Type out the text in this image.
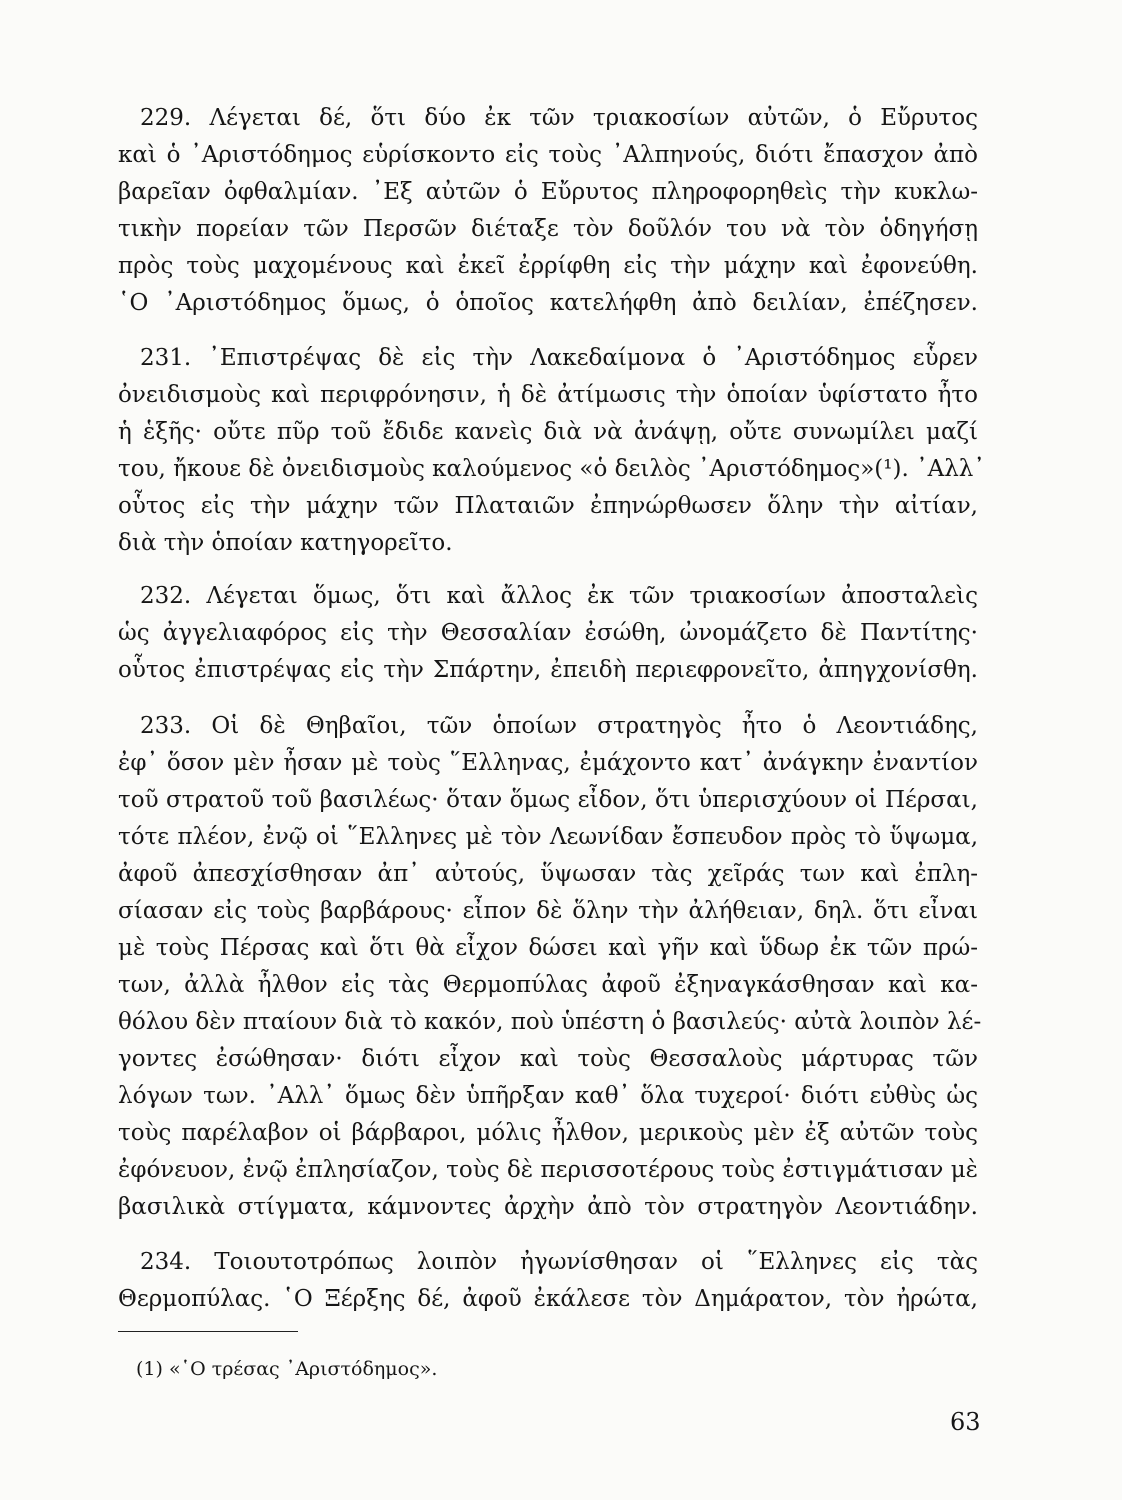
229. Λέγεται δέ, ὅτι δύο ἐκ τῶν τριακοσίων αὐτῶν, ὁ Εὔρυτος
καὶ ὁ ᾿Αριστόδημος εὑρίσκοντο εἰς τοὺς ᾿Αλπηνούς, διότι ἔπασχον ἀπὸ
βαρεῖαν ὀφθαλμίαν. ᾿Εξ αὐτῶν ὁ Εὔρυτος πληροφορηθεὶς τὴν κυκλω-
τικὴν πορείαν τῶν Περσῶν διέταξε τὸν δοῦλόν του νὰ τὸν ὁδηγήσῃ
πρὸς τοὺς μαχομένους καὶ ἐκεῖ ἐρρίφθη εἰς τὴν μάχην καὶ ἐφονεύθη.
῾Ο ᾿Αριστόδημος ὅμως, ὁ ὁποῖος κατελήφθη ἀπὸ δειλίαν, ἐπέζησεν.
231. ᾿Επιστρέψας δὲ εἰς τὴν Λακεδαίμονα ὁ ᾿Αριστόδημος εὗρεν
ὀνειδισμοὺς καὶ περιφρόνησιν, ἡ δὲ ἀτίμωσις τὴν ὁποίαν ὑφίστατο ἦτο
ἡ ἑξῆς· οὔτε πῦρ τοῦ ἔδιδε κανεὶς διὰ νὰ ἀνάψῃ, οὔτε συνωμίλει μαζί
του, ἤκουε δὲ ὀνειδισμοὺς καλούμενος «ὁ δειλὸς ᾿Αριστόδημος»(¹). ᾿Αλλ᾿
οὗτος εἰς τὴν μάχην τῶν Πλαταιῶν ἐπηνώρθωσεν ὅλην τὴν αἰτίαν,
διὰ τὴν ὁποίαν κατηγορεῖτο.
232. Λέγεται ὅμως, ὅτι καὶ ἄλλος ἐκ τῶν τριακοσίων ἀποσταλεὶς
ὡς ἀγγελιαφόρος εἰς τὴν Θεσσαλίαν ἐσώθη, ὠνομάζετο δὲ Παντίτης·
οὗτος ἐπιστρέψας εἰς τὴν Σπάρτην, ἐπειδὴ περιεφρονεῖτο, ἀπηγχονίσθη.
233. Οἱ δὲ Θηβαῖοι, τῶν ὁποίων στρατηγὸς ἦτο ὁ Λεοντιάδης,
ἐφ᾿ ὅσον μὲν ἦσαν μὲ τοὺς ῞Ελληνας, ἐμάχοντο κατ᾿ ἀνάγκην ἐναντίον
τοῦ στρατοῦ τοῦ βασιλέως· ὅταν ὅμως εἶδον, ὅτι ὑπερισχύουν οἱ Πέρσαι,
τότε πλέον, ἐνῷ οἱ ῞Ελληνες μὲ τὸν Λεωνίδαν ἔσπευδον πρὸς τὸ ὕψωμα,
ἀφοῦ ἀπεσχίσθησαν ἀπ᾿ αὐτούς, ὕψωσαν τὰς χεῖράς των καὶ ἐπλη-
σίασαν εἰς τοὺς βαρβάρους· εἶπον δὲ ὅλην τὴν ἀλήθειαν, δηλ. ὅτι εἶναι
μὲ τοὺς Πέρσας καὶ ὅτι θὰ εἶχον δώσει καὶ γῆν καὶ ὕδωρ ἐκ τῶν πρώ-
των, ἀλλὰ ἦλθον εἰς τὰς Θερμοπύλας ἀφοῦ ἐξηναγκάσθησαν καὶ κα-
θόλου δὲν πταίουν διὰ τὸ κακόν, ποὺ ὑπέστη ὁ βασιλεύς· αὐτὰ λοιπὸν λέ-
γοντες ἐσώθησαν· διότι εἶχον καὶ τοὺς Θεσσαλοὺς μάρτυρας τῶν
λόγων των. ᾿Αλλ᾿ ὅμως δὲν ὑπῆρξαν καθ᾿ ὅλα τυχεροί· διότι εὐθὺς ὡς
τοὺς παρέλαβον οἱ βάρβαροι, μόλις ἦλθον, μερικοὺς μὲν ἐξ αὐτῶν τοὺς
ἐφόνευον, ἐνῷ ἐπλησίαζον, τοὺς δὲ περισσοτέρους τοὺς ἐστιγμάτισαν μὲ
βασιλικὰ στίγματα, κάμνοντες ἀρχὴν ἀπὸ τὸν στρατηγὸν Λεοντιάδην.
234. Τοιουτοτρόπως λοιπὸν ἠγωνίσθησαν οἱ ῞Ελληνες εἰς τὰς
Θερμοπύλας. ῾Ο Ξέρξης δέ, ἀφοῦ ἐκάλεσε τὸν Δημάρατον, τὸν ἠρώτα,
(1) «῾Ο τρέσας ᾿Αριστόδημος».
63
